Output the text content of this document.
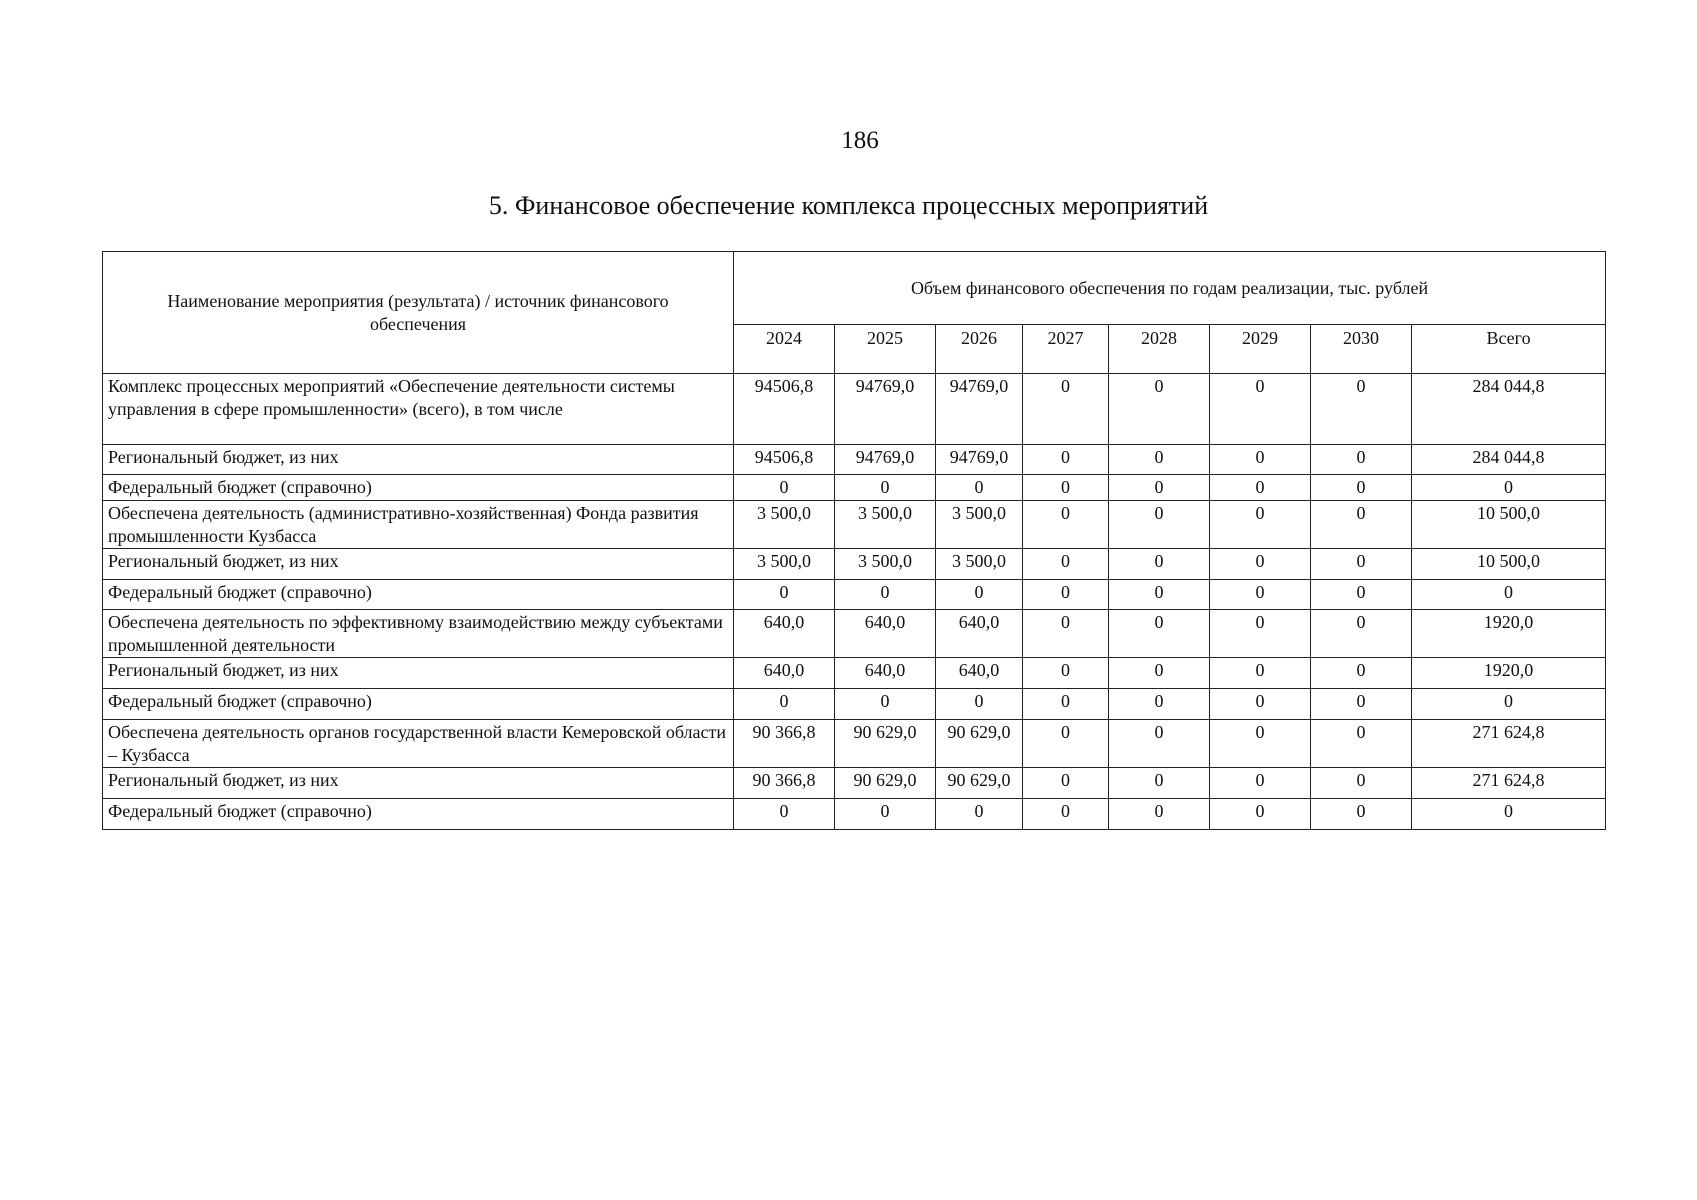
186
5. Финансовое обеспечение комплекса процессных мероприятий
Наименование мероприятия (результата) / источник финансового обеспечения	Объем финансового обеспечения по годам реализации, тыс. рублей							
	2024	2025	2026	2027	2028	2029	2030	Всего
Комплекс процессных мероприятий «Обеспечение деятельности системы управления в сфере промышленности» (всего), в том числе	94506,8	94769,0	94769,0	0	0	0	0	284 044,8
Региональный бюджет, из них	94506,8	94769,0	94769,0	0	0	0	0	284 044,8
Федеральный бюджет (справочно)	0	0	0	0	0	0	0	0
Обеспечена деятельность (административно-хозяйственная) Фонда развития промышленности Кузбасса	3 500,0	3 500,0	3 500,0	0	0	0	0	10 500,0
Региональный бюджет, из них	3 500,0	3 500,0	3 500,0	0	0	0	0	10 500,0
Федеральный бюджет (справочно)	0	0	0	0	0	0	0	0
Обеспечена деятельность по эффективному взаимодействию между субъектами промышленной деятельности	640,0	640,0	640,0	0	0	0	0	1920,0
Региональный бюджет, из них	640,0	640,0	640,0	0	0	0	0	1920,0
Федеральный бюджет (справочно)	0	0	0	0	0	0	0	0
Обеспечена деятельность органов государственной власти Кемеровской области – Кузбасса	90 366,8	90 629,0	90 629,0	0	0	0	0	271 624,8
Региональный бюджет, из них	90 366,8	90 629,0	90 629,0	0	0	0	0	271 624,8
Федеральный бюджет (справочно)	0	0	0	0	0	0	0	0
